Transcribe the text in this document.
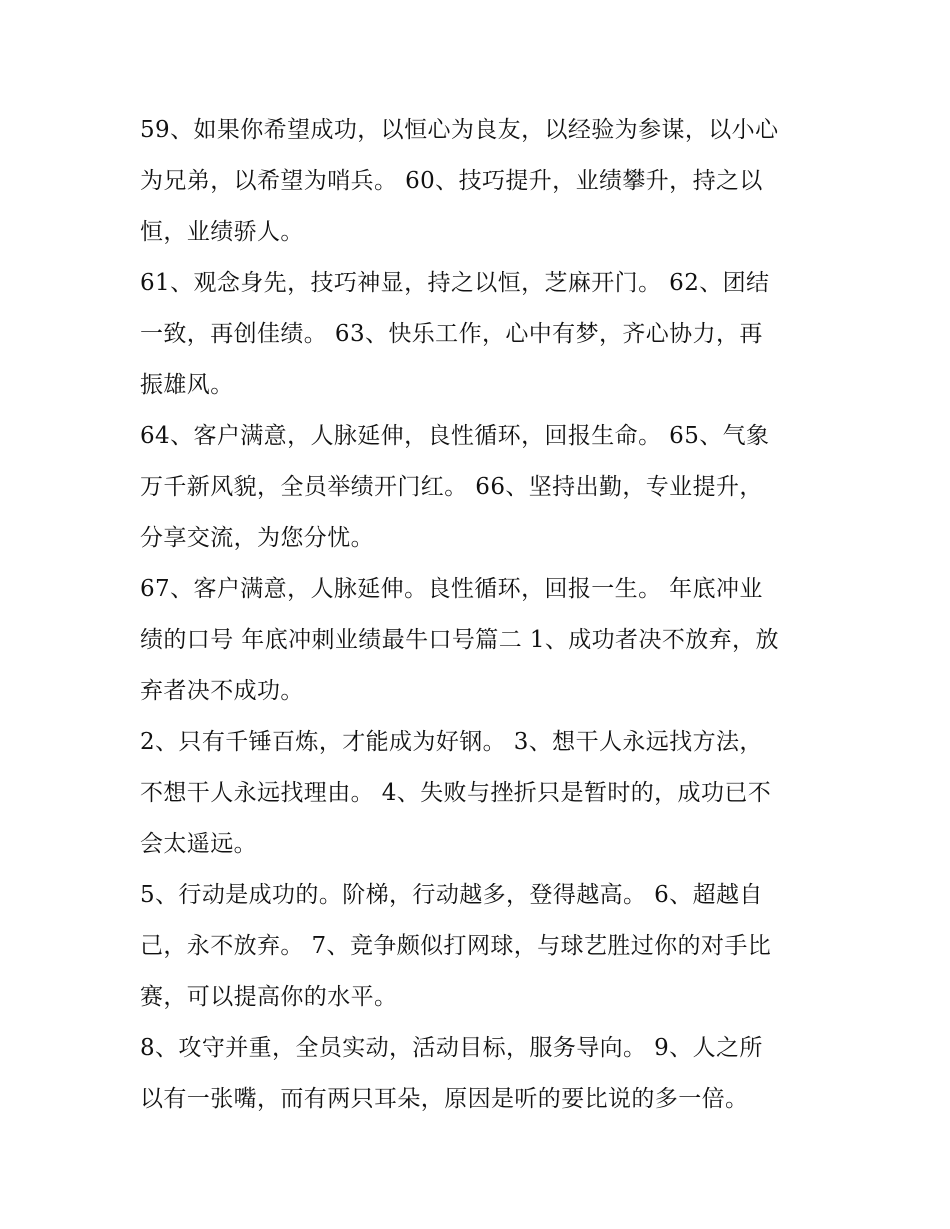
59、如果你希望成功，以恒心为良友，以经验为参谋，以小心
为兄弟，以希望为哨兵。 60、技巧提升，业绩攀升，持之以
恒，业绩骄人。

61、观念身先，技巧神显，持之以恒，芝麻开门。 62、团结
一致，再创佳绩。 63、快乐工作，心中有梦，齐心协力，再
振雄风。

64、客户满意，人脉延伸，良性循环，回报生命。 65、气象
万千新风貌，全员举绩开门红。 66、坚持出勤，专业提升，
分享交流，为您分忧。

67、客户满意，人脉延伸。良性循环，回报一生。 年底冲业
绩的口号 年底冲刺业绩最牛口号篇二 1、成功者决不放弃，放
弃者决不成功。

2、只有千锤百炼，才能成为好钢。 3、想干人永远找方法，
不想干人永远找理由。 4、失败与挫折只是暂时的，成功已不
会太遥远。

5、行动是成功的。阶梯，行动越多，登得越高。 6、超越自
己，永不放弃。 7、竞争颇似打网球，与球艺胜过你的对手比
赛，可以提高你的水平。

8、攻守并重，全员实动，活动目标，服务导向。 9、人之所
以有一张嘴，而有两只耳朵，原因是听的要比说的多一倍。
